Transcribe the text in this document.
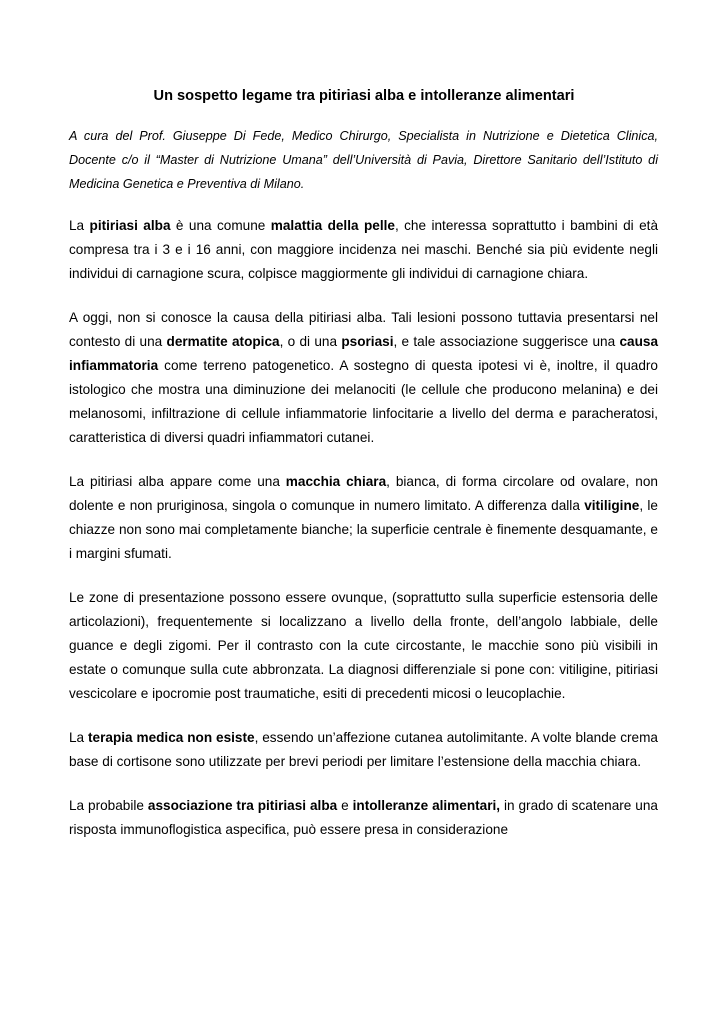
Un sospetto legame tra pitiriasi alba e intolleranze alimentari

A cura del Prof. Giuseppe Di Fede, Medico Chirurgo, Specialista in Nutrizione e Dietetica Clinica, Docente c/o il “Master di Nutrizione Umana” dell’Università di Pavia, Direttore Sanitario dell’Istituto di Medicina Genetica e Preventiva di Milano.

La pitiriasi alba è una comune malattia della pelle, che interessa soprattutto i bambini di età compresa tra i 3 e i 16 anni, con maggiore incidenza nei maschi. Benché sia più evidente negli individui di carnagione scura, colpisce maggiormente gli individui di carnagione chiara.

A oggi, non si conosce la causa della pitiriasi alba. Tali lesioni possono tuttavia presentarsi nel contesto di una dermatite atopica, o di una psoriasi, e tale associazione suggerisce una causa infiammatoria come terreno patogenetico. A sostegno di questa ipotesi vi è, inoltre, il quadro istologico che mostra una diminuzione dei melanociti (le cellule che producono melanina) e dei melanosomi, infiltrazione di cellule infiammatorie linfocitarie a livello del derma e paracheratosi, caratteristica di diversi quadri infiammatori cutanei.

La pitiriasi alba appare come una macchia chiara, bianca, di forma circolare od ovalare, non dolente e non pruriginosa, singola o comunque in numero limitato. A differenza dalla vitiligine, le chiazze non sono mai completamente bianche; la superficie centrale è finemente desquamante, e i margini sfumati.

Le zone di presentazione possono essere ovunque, (soprattutto sulla superficie estensoria delle articolazioni), frequentemente si localizzano a livello della fronte, dell’angolo labbiale, delle guance e degli zigomi. Per il contrasto con la cute circostante, le macchie sono più visibili in estate o comunque sulla cute abbronzata. La diagnosi differenziale si pone con: vitiligine, pitiriasi vescicolare e ipocromie post traumatiche, esiti di precedenti micosi o leucoplachie.

La terapia medica non esiste, essendo un’affezione cutanea autolimitante. A volte blande crema base di cortisone sono utilizzate per brevi periodi per limitare l’estensione della macchia chiara.

La probabile associazione tra pitiriasi alba e intolleranze alimentari, in grado di scatenare una risposta immunoflogistica aspecifica, può essere presa in considerazione
